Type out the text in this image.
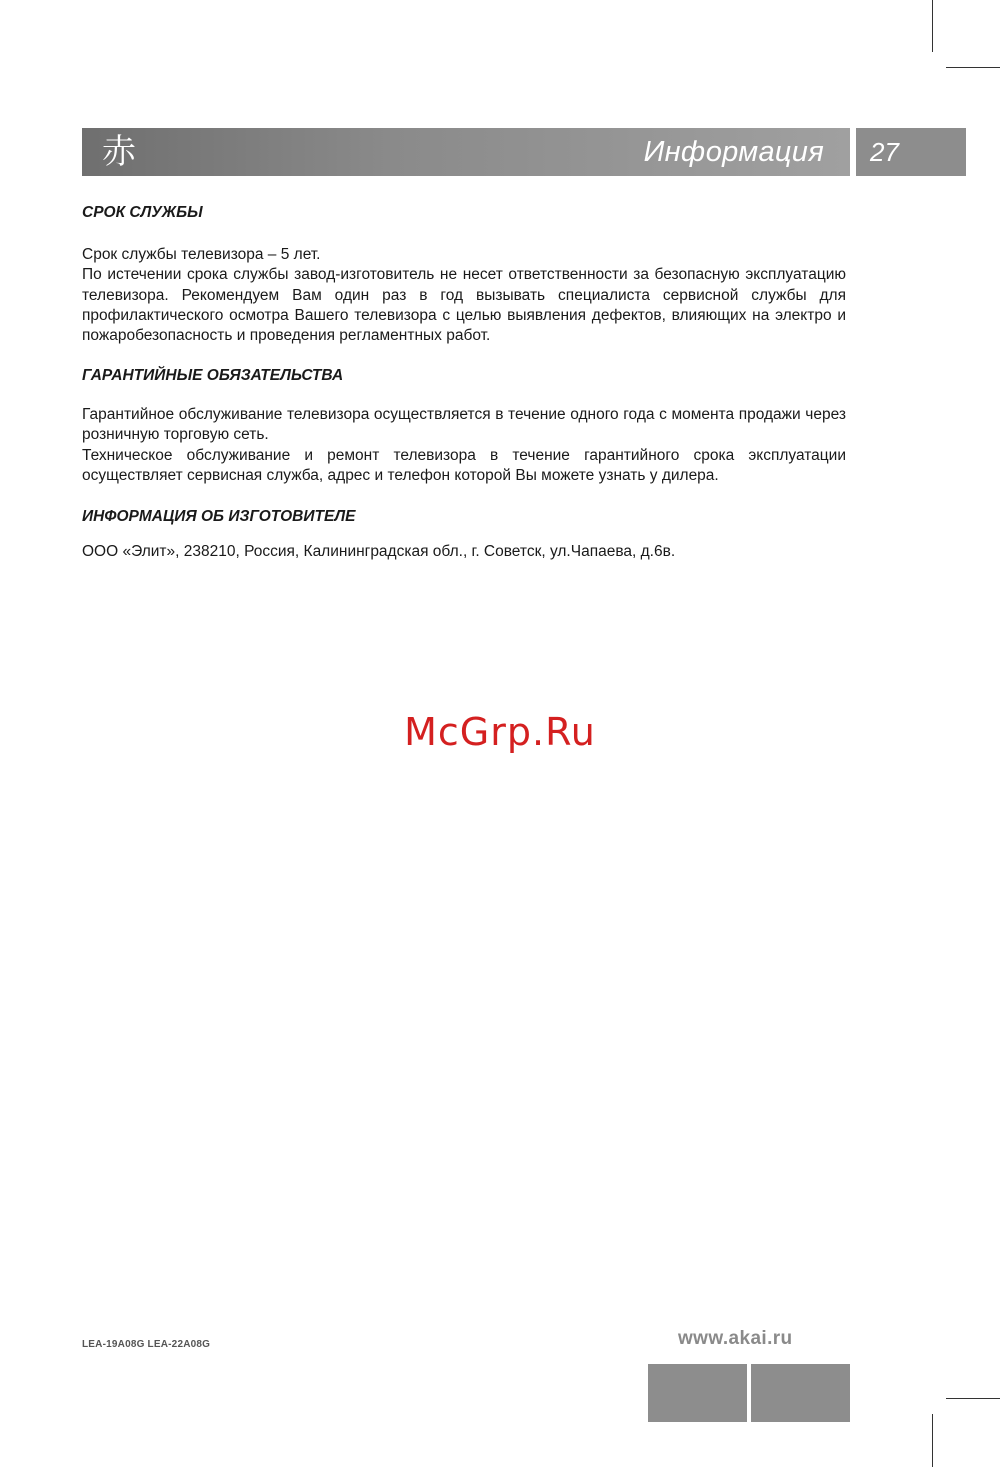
赤	Информация 27
СРОК СЛУЖБЫ

Срок службы телевизора – 5 лет.

По истечении срока службы завод-изготовитель не несет ответственности за безопасную эксплуатацию телевизора. Рекомендуем Вам один раз в год вызывать специалиста сервисной службы для профилактического осмотра Вашего телевизора с целью выявления дефектов, влияющих на электро и пожаробезопасность и проведения регламентных работ.

ГАРАНТИЙНЫЕ ОБЯЗАТЕЛЬСТВА

Гарантийное обслуживание телевизора осуществляется в течение одного года с момента продажи через розничную торговую сеть.

Техническое обслуживание и ремонт телевизора в течение гарантийного срока эксплуатации осуществляет сервисная служба, адрес и телефон которой Вы можете узнать у дилера.

ИНФОРМАЦИЯ ОБ ИЗГОТОВИТЕЛЕ

ООО «Элит», 238210, Россия, Калининградская обл., г. Советск, ул.Чапаева, д.6в.

McGrp.Ru
LEA-19A08G LEA-22A08G	www.akai.ru
